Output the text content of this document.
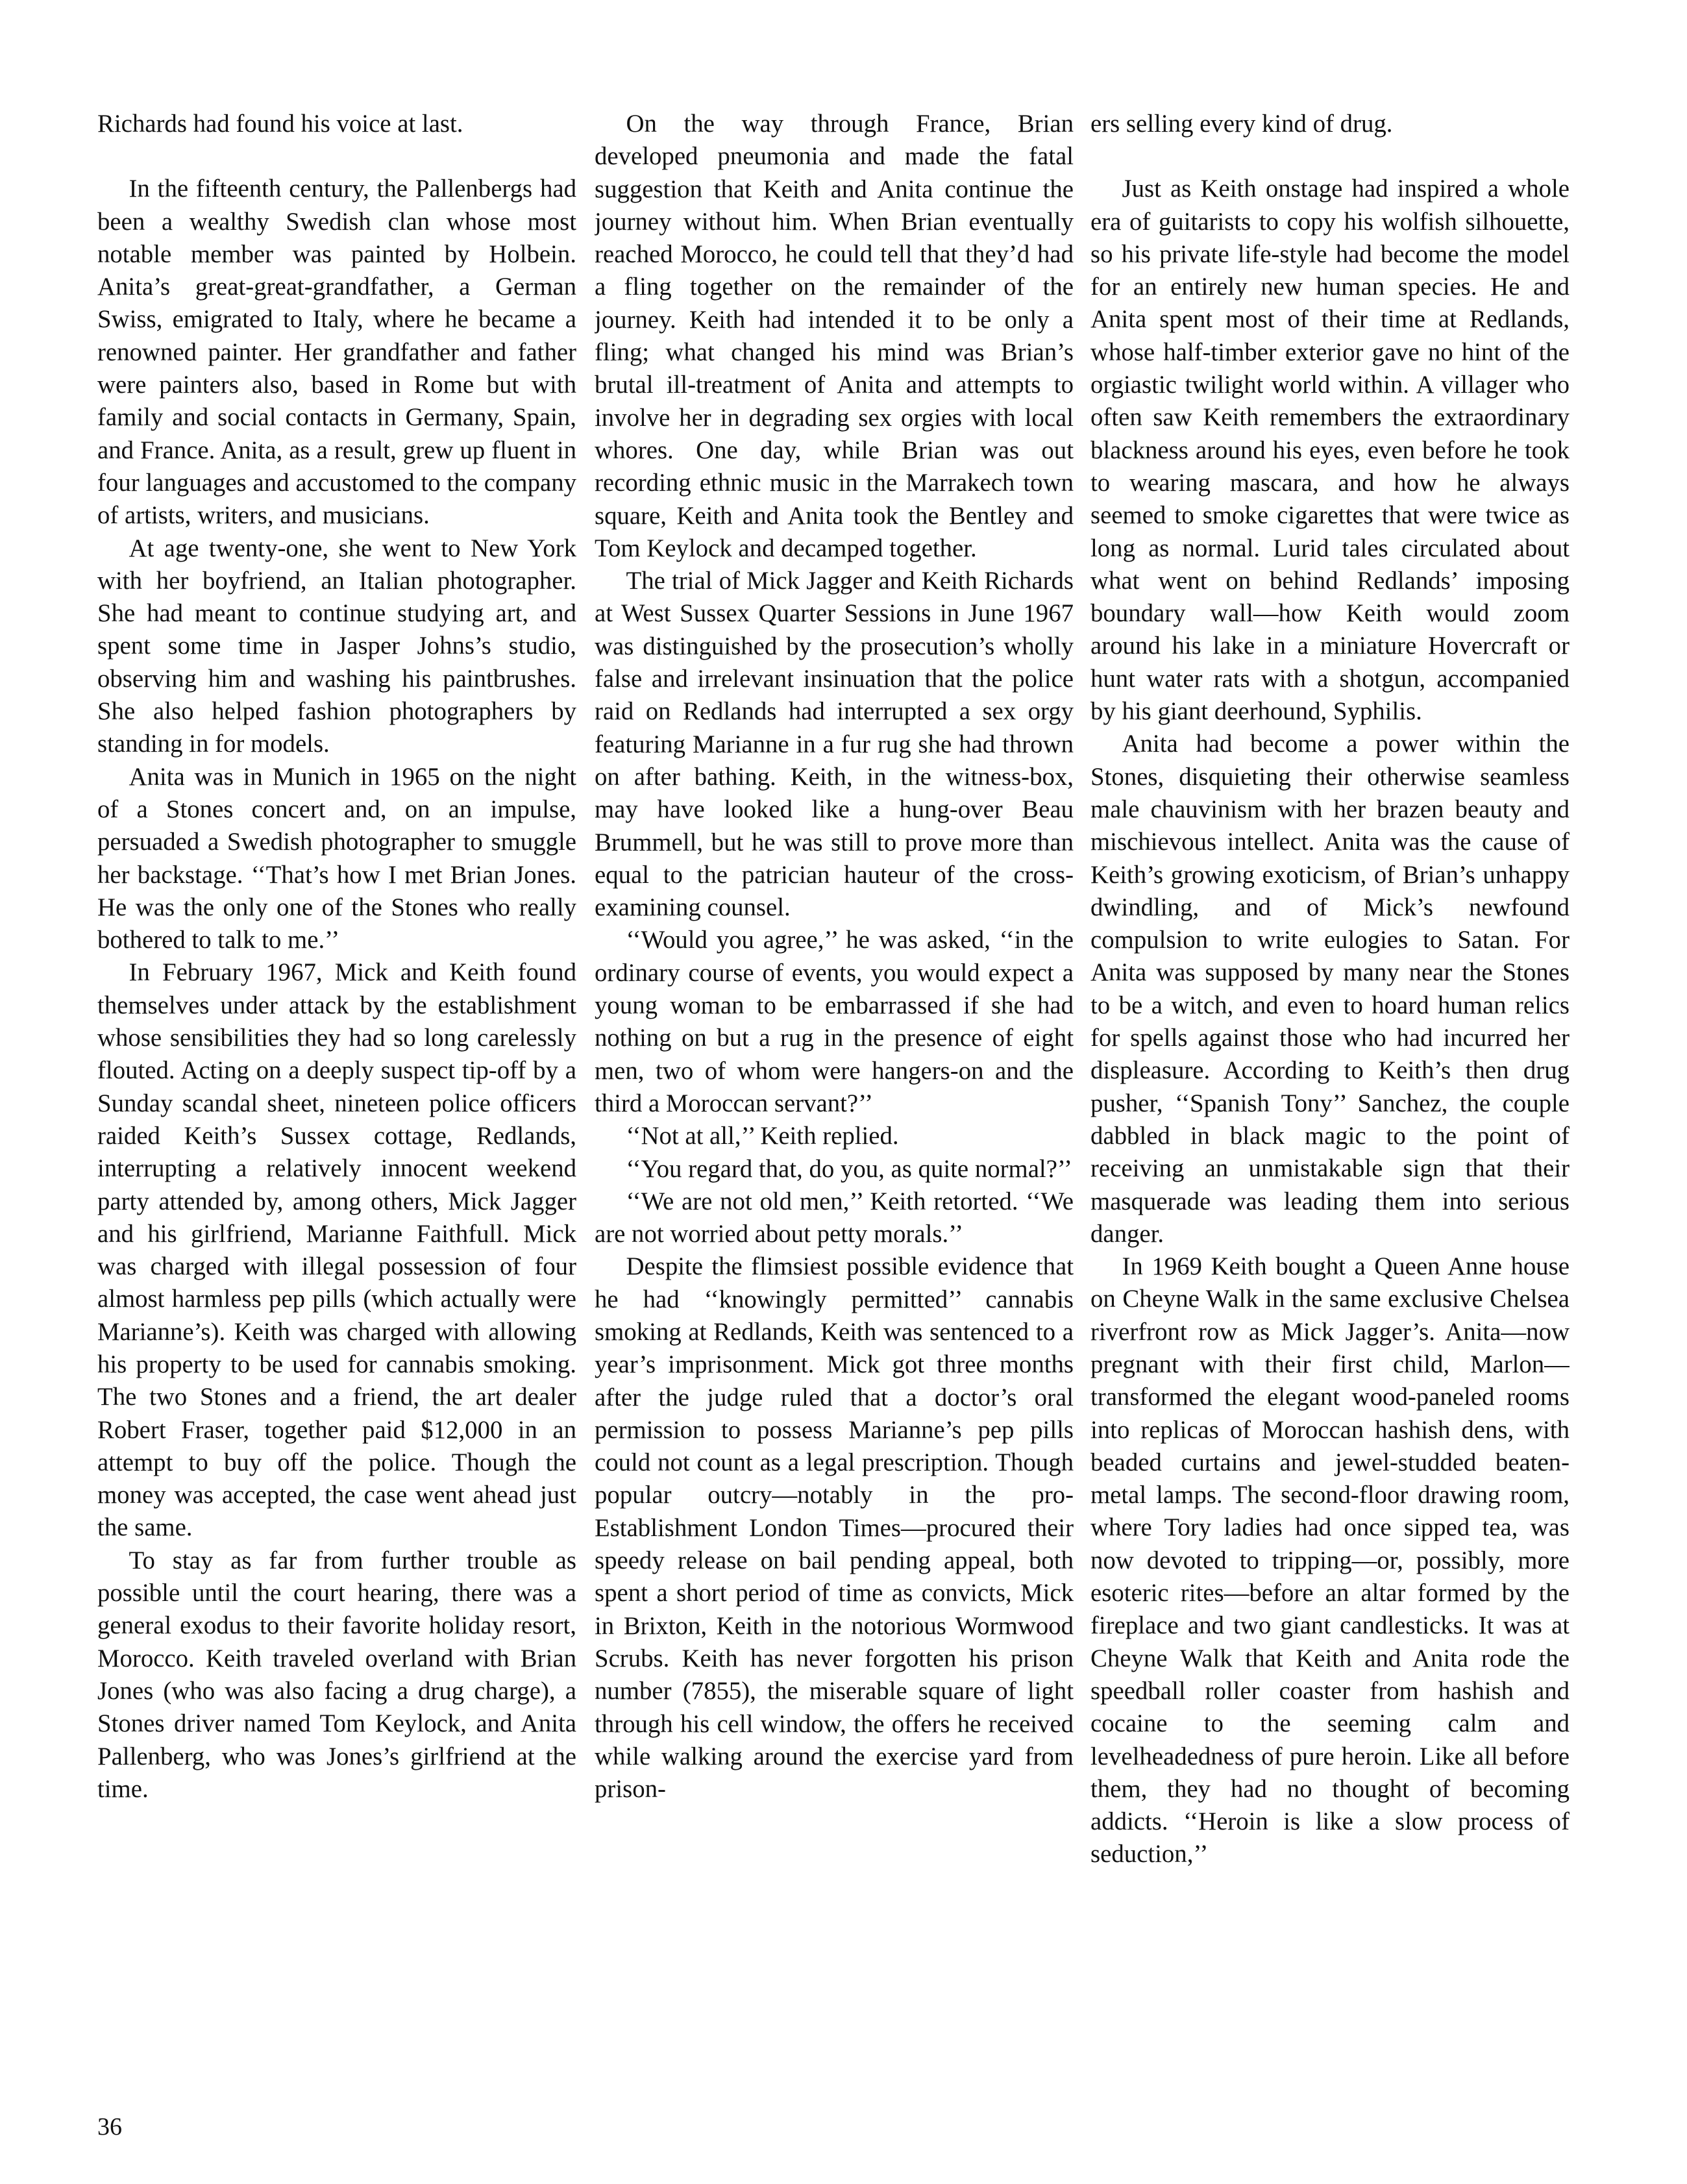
Richards had found his voice at last.

In the fifteenth century, the Pallenbergs had been a wealthy Swedish clan whose most notable member was painted by Holbein. Anita’s great-great-grandfather, a German Swiss, emigrated to Italy, where he became a renowned painter. Her grandfather and father were painters also, based in Rome but with family and social contacts in Germany, Spain, and France. Anita, as a result, grew up fluent in four languages and accustomed to the company of artists, writers, and musicians.

At age twenty-one, she went to New York with her boyfriend, an Italian photographer. She had meant to continue studying art, and spent some time in Jasper Johns’s studio, observing him and washing his paintbrushes. She also helped fashion photographers by standing in for models.

Anita was in Munich in 1965 on the night of a Stones concert and, on an impulse, persuaded a Swedish photographer to smuggle her backstage. ‘‘That’s how I met Brian Jones. He was the only one of the Stones who really bothered to talk to me.’’

In February 1967, Mick and Keith found themselves under attack by the establishment whose sensibilities they had so long carelessly flouted. Acting on a deeply suspect tip-off by a Sunday scandal sheet, nineteen police officers raided Keith’s Sussex cottage, Redlands, interrupting a relatively innocent weekend party attended by, among others, Mick Jagger and his girlfriend, Marianne Faithfull. Mick was charged with illegal possession of four almost harmless pep pills (which actually were Marianne’s). Keith was charged with allowing his property to be used for cannabis smoking. The two Stones and a friend, the art dealer Robert Fraser, together paid $12,000 in an attempt to buy off the police. Though the money was accepted, the case went ahead just the same.

To stay as far from further trouble as possible until the court hearing, there was a general exodus to their favorite holiday resort, Morocco. Keith traveled overland with Brian Jones (who was also facing a drug charge), a Stones driver named Tom Keylock, and Anita Pallenberg, who was Jones’s girlfriend at the time.

On the way through France, Brian developed pneumonia and made the fatal suggestion that Keith and Anita continue the journey without him. When Brian eventually reached Morocco, he could tell that they’d had a fling together on the remainder of the journey. Keith had intended it to be only a fling; what changed his mind was Brian’s brutal ill-treatment of Anita and attempts to involve her in degrading sex orgies with local whores. One day, while Brian was out recording ethnic music in the Marrakech town square, Keith and Anita took the Bentley and Tom Keylock and decamped together.

The trial of Mick Jagger and Keith Richards at West Sussex Quarter Sessions in June 1967 was distinguished by the prosecution’s wholly false and irrelevant insinuation that the police raid on Redlands had interrupted a sex orgy featuring Marianne in a fur rug she had thrown on after bathing. Keith, in the witness-box, may have looked like a hung-over Beau Brummell, but he was still to prove more than equal to the patrician hauteur of the cross-examining counsel.

‘‘Would you agree,’’ he was asked, ‘‘in the ordinary course of events, you would expect a young woman to be embarrassed if she had nothing on but a rug in the presence of eight men, two of whom were hangers-on and the third a Moroccan servant?’’

‘‘Not at all,’’ Keith replied.

‘‘You regard that, do you, as quite normal?’’

‘‘We are not old men,’’ Keith retorted. ‘‘We are not worried about petty morals.’’

Despite the flimsiest possible evidence that he had ‘‘knowingly permitted’’ cannabis smoking at Redlands, Keith was sentenced to a year’s imprisonment. Mick got three months after the judge ruled that a doctor’s oral permission to possess Marianne’s pep pills could not count as a legal prescription. Though popular outcry—notably in the pro-Establishment London Times—procured their speedy release on bail pending appeal, both spent a short period of time as convicts, Mick in Brixton, Keith in the notorious Wormwood Scrubs. Keith has never forgotten his prison number (7855), the miserable square of light through his cell window, the offers he received while walking around the exercise yard from prison-

ers selling every kind of drug.

Just as Keith onstage had inspired a whole era of guitarists to copy his wolfish silhouette, so his private life-style had become the model for an entirely new human species. He and Anita spent most of their time at Redlands, whose half-timber exterior gave no hint of the orgiastic twilight world within. A villager who often saw Keith remembers the extraordinary blackness around his eyes, even before he took to wearing mascara, and how he always seemed to smoke cigarettes that were twice as long as normal. Lurid tales circulated about what went on behind Redlands’ imposing boundary wall—how Keith would zoom around his lake in a miniature Hovercraft or hunt water rats with a shotgun, accompanied by his giant deerhound, Syphilis.

Anita had become a power within the Stones, disquieting their otherwise seamless male chauvinism with her brazen beauty and mischievous intellect. Anita was the cause of Keith’s growing exoticism, of Brian’s unhappy dwindling, and of Mick’s newfound compulsion to write eulogies to Satan. For Anita was supposed by many near the Stones to be a witch, and even to hoard human relics for spells against those who had incurred her displeasure. According to Keith’s then drug pusher, ‘‘Spanish Tony’’ Sanchez, the couple dabbled in black magic to the point of receiving an unmistakable sign that their masquerade was leading them into serious danger.

In 1969 Keith bought a Queen Anne house on Cheyne Walk in the same exclusive Chelsea riverfront row as Mick Jagger’s. Anita—now pregnant with their first child, Marlon—transformed the elegant wood-paneled rooms into replicas of Moroccan hashish dens, with beaded curtains and jewel-studded beaten-metal lamps. The second-floor drawing room, where Tory ladies had once sipped tea, was now devoted to tripping—or, possibly, more esoteric rites—before an altar formed by the fireplace and two giant candlesticks. It was at Cheyne Walk that Keith and Anita rode the speedball roller coaster from hashish and cocaine to the seeming calm and levelheadedness of pure heroin. Like all before them, they had no thought of becoming addicts. ‘‘Heroin is like a slow process of seduction,’’

36
